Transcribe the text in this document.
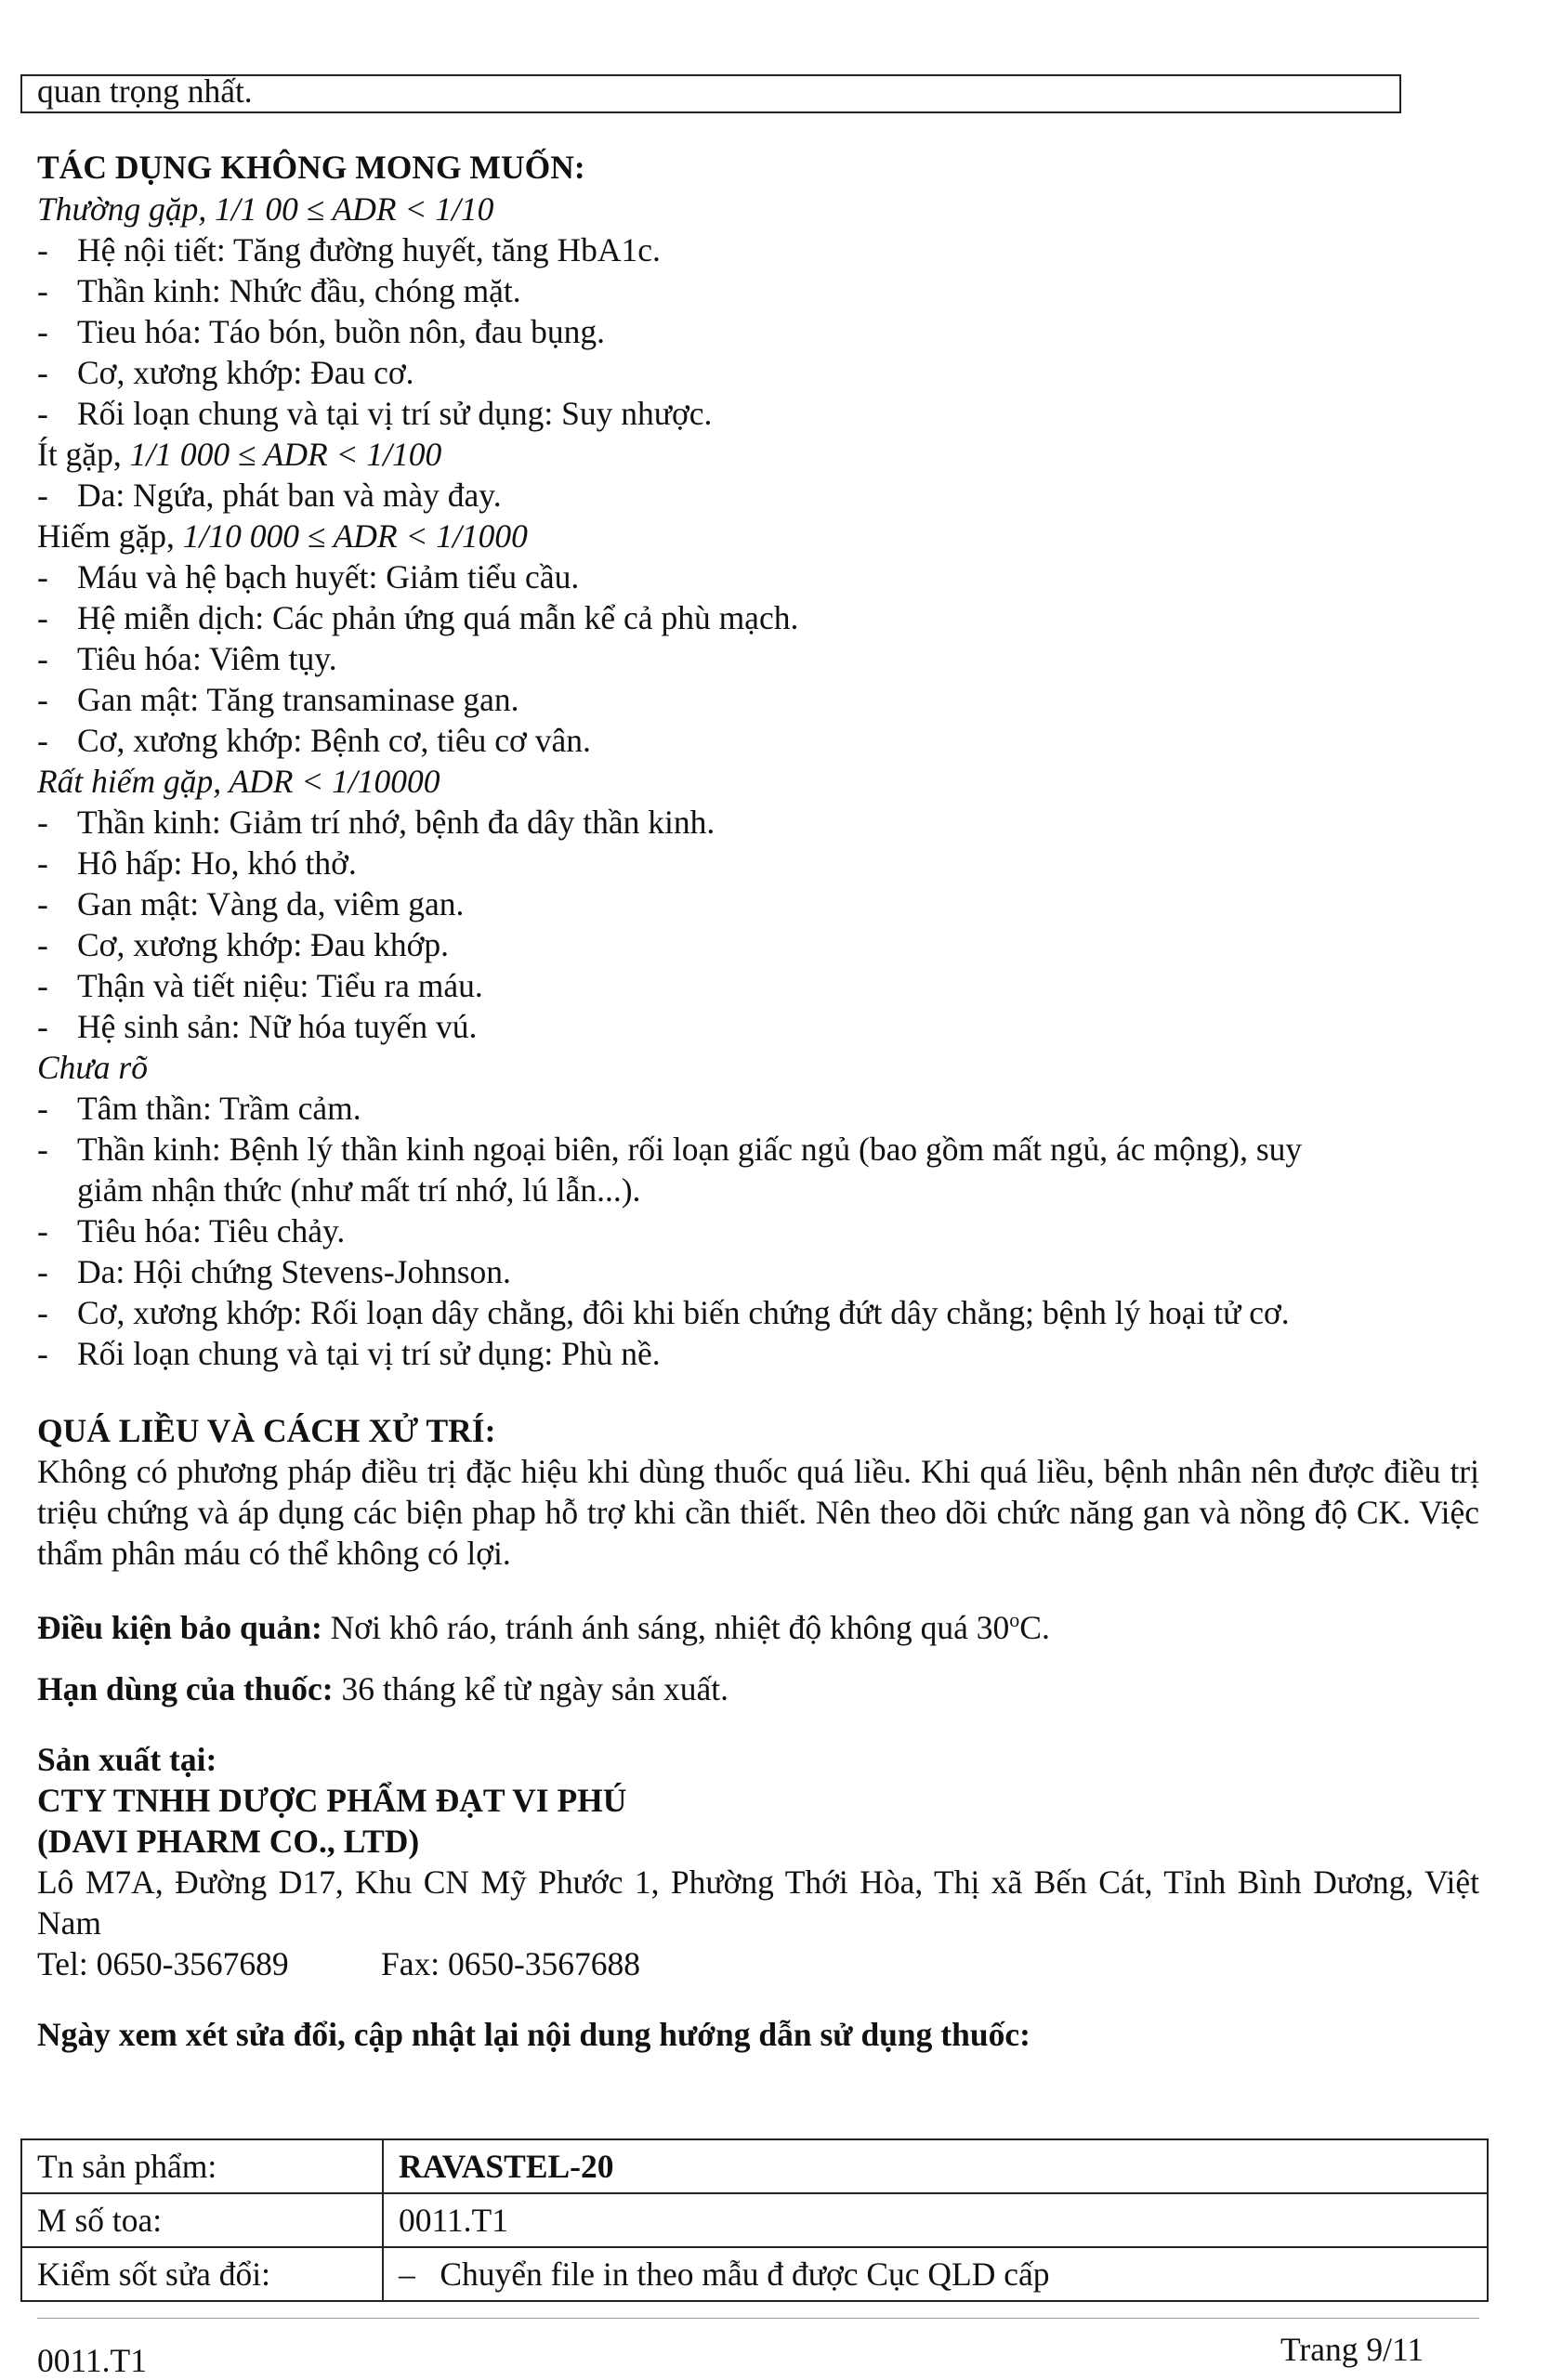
quan trọng nhất.
TÁC DỤNG KHÔNG MONG MUỐN:
Thường gặp, 1/1 00 ≤ ADR < 1/10
- Hệ nội tiết: Tăng đường huyết, tăng HbA1c.
- Thần kinh: Nhức đầu, chóng mặt.
- Tieu hóa: Táo bón, buồn nôn, đau bụng.
- Cơ, xương khớp: Đau cơ.
- Rối loạn chung và tại vị trí sử dụng: Suy nhược.
Ít gặp, 1/1 000 ≤ ADR < 1/100
- Da: Ngứa, phát ban và mày đay.
Hiếm gặp, 1/10 000 ≤ ADR < 1/1000
- Máu và hệ bạch huyết: Giảm tiểu cầu.
- Hệ miễn dịch: Các phản ứng quá mẫn kể cả phù mạch.
- Tiêu hóa: Viêm tụy.
- Gan mật: Tăng transaminase gan.
- Cơ, xương khớp: Bệnh cơ, tiêu cơ vân.
Rất hiếm gặp, ADR < 1/10000
- Thần kinh: Giảm trí nhớ, bệnh đa dây thần kinh.
- Hô hấp: Ho, khó thở.
- Gan mật: Vàng da, viêm gan.
- Cơ, xương khớp: Đau khớp.
- Thận và tiết niệu: Tiểu ra máu.
- Hệ sinh sản: Nữ hóa tuyến vú.
Chưa rõ
- Tâm thần: Trầm cảm.
- Thần kinh: Bệnh lý thần kinh ngoại biên, rối loạn giấc ngủ (bao gồm mất ngủ, ác mộng), suy
giảm nhận thức (như mất trí nhớ, lú lẫn...).
- Tiêu hóa: Tiêu chảy.
- Da: Hội chứng Stevens-Johnson.
- Cơ, xương khớp: Rối loạn dây chằng, đôi khi biến chứng đứt dây chằng; bệnh lý hoại tử cơ.
- Rối loạn chung và tại vị trí sử dụng: Phù nề.
QUÁ LIỀU VÀ CÁCH XỬ TRÍ:
Không có phương pháp điều trị đặc hiệu khi dùng thuốc quá liều. Khi quá liều, bệnh nhân nên được điều trị triệu chứng và áp dụng các biện phap hỗ trợ khi cần thiết. Nên theo dõi chức năng gan và nồng độ CK. Việc thẩm phân máu có thể không có lợi.
Điều kiện bảo quản: Nơi khô ráo, tránh ánh sáng, nhiệt độ không quá 30$^o$C.
Hạn dùng của thuốc: 36 tháng kể từ ngày sản xuất.
Sản xuất tại:
CTY TNHH DƯỢC PHẨM ĐẠT VI PHÚ
(DAVI PHARM CO., LTD)
Lô M7A, Đường D17, Khu CN Mỹ Phước 1, Phường Thới Hòa, Thị xã Bến Cát, Tỉnh Bình Dương, Việt Nam
Tel: 0650-3567689	Fax: 0650-3567688
Ngày xem xét sửa đổi, cập nhật lại nội dung hướng dẫn sử dụng thuốc:
Tn sản phẩm:	RAVASTEL-20
M số toa:	0011.T1
Kiểm sốt sửa đổi:	–   Chuyển file in theo mẫu đ được Cục QLD cấp
0011.T1	Trang 9/11
